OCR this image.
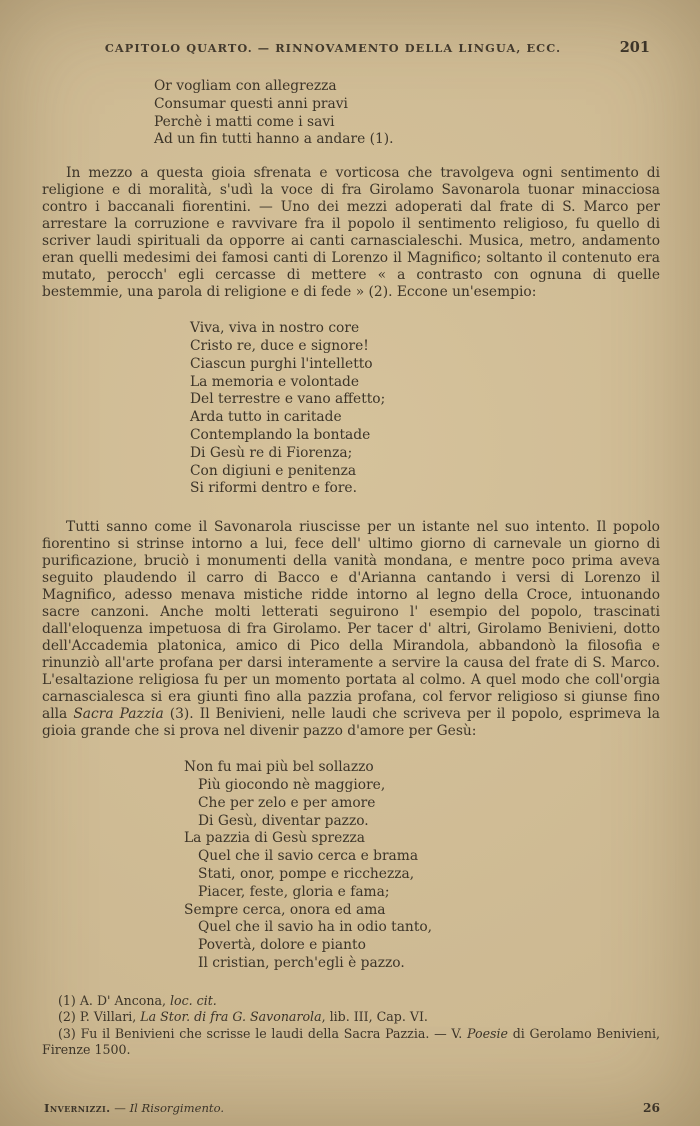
CAPITOLO QUARTO. — RINNOVAMENTO DELLA LINGUA, ECC.	201
Or vogliam con allegrezza
Consumar questi anni pravi
Perchè i matti come i savi
Ad un fin tutti hanno a andare (1).

In mezzo a questa gioia sfrenata e vorticosa che travolgeva ogni sentimento di religione e di moralità, s'udì la voce di fra Girolamo Savonarola tuonar minacciosa contro i baccanali fiorentini. — Uno dei mezzi adoperati dal frate di S. Marco per arrestare la corruzione e ravvivare fra il popolo il sentimento religioso, fu quello di scriver laudi spirituali da opporre ai canti carnascialeschi. Musica, metro, andamento eran quelli medesimi dei famosi canti di Lorenzo il Magnifico; soltanto il contenuto era mutato, perocch' egli cercasse di mettere « a contrasto con ognuna di quelle bestemmie, una parola di religione e di fede » (2). Eccone un'esempio:

Viva, viva in nostro core
Cristo re, duce e signore!
Ciascun purghi l'intelletto
La memoria e volontade
Del terrestre e vano affetto;
Arda tutto in caritade
Contemplando la bontade
Di Gesù re di Fiorenza;
Con digiuni e penitenza
Si riformi dentro e fore.

Tutti sanno come il Savonarola riuscisse per un istante nel suo intento. Il popolo fiorentino si strinse intorno a lui, fece dell' ultimo giorno di carnevale un giorno di purificazione, bruciò i monumenti della vanità mondana, e mentre poco prima aveva seguito plaudendo il carro di Bacco e d'Arianna cantando i versi di Lorenzo il Magnifico, adesso menava mistiche ridde intorno al legno della Croce, intuonando sacre canzoni. Anche molti letterati seguirono l' esempio del popolo, trascinati dall'eloquenza impetuosa di fra Girolamo. Per tacer d' altri, Girolamo Benivieni, dotto dell'Accademia platonica, amico di Pico della Mirandola, abbandonò la filosofia e rinunziò all'arte profana per darsi interamente a servire la causa del frate di S. Marco. L'esaltazione religiosa fu per un momento portata al colmo. A quel modo che coll'orgia carnascialesca si era giunti fino alla pazzia profana, col fervor religioso si giunse fino alla Sacra Pazzia (3). Il Benivieni, nelle laudi che scriveva per il popolo, esprimeva la gioia grande che si prova nel divenir pazzo d'amore per Gesù:

Non fu mai più bel sollazzo
Più giocondo nè maggiore,
Che per zelo e per amore
Di Gesù, diventar pazzo.
La pazzia di Gesù sprezza
Quel che il savio cerca e brama
Stati, onor, pompe e ricchezza,
Piacer, feste, gloria e fama;
Sempre cerca, onora ed ama
Quel che il savio ha in odio tanto,
Povertà, dolore e pianto
Il cristian, perch'egli è pazzo.

(1) A. D' Ancona, loc. cit.

(2) P. Villari, La Stor. di fra G. Savonarola, lib. III, Cap. VI.

(3) Fu il Benivieni che scrisse le laudi della Sacra Pazzia. — V. Poesie di Gerolamo Benivieni, Firenze 1500.

Invernizzi. — Il Risorgimento.	26
